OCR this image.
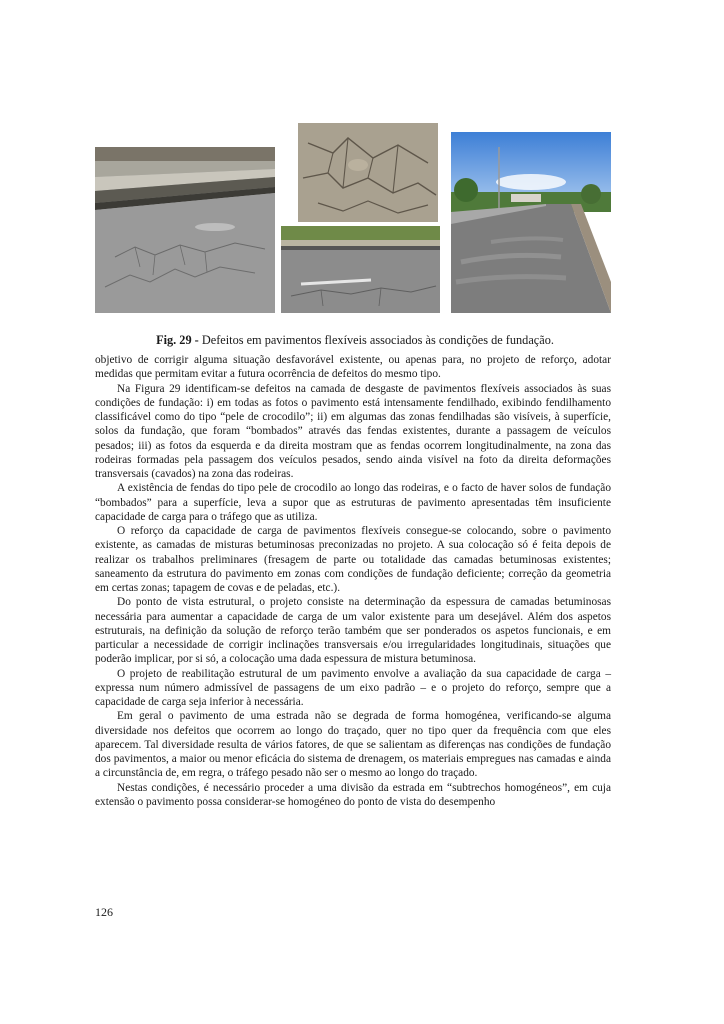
Fig. 29 - Defeitos em pavimentos flexíveis associados às condições de fundação.

objetivo de corrigir alguma situação desfavorável existente, ou apenas para, no projeto de reforço, adotar medidas que permitam evitar a futura ocorrência de defeitos do mesmo tipo.

Na Figura 29 identificam-se defeitos na camada de desgaste de pavimentos flexíveis associados às suas condições de fundação: i) em todas as fotos o pavimento está intensamente fendilhado, exibindo fendilhamento classificável como do tipo “pele de crocodilo”; ii) em algumas das zonas fendilhadas são visíveis, à superfície, solos da fundação, que foram “bombados” através das fendas existentes, durante a passagem de veículos pesados; iii) as fotos da esquerda e da direita mostram que as fendas ocorrem longitudinalmente, na zona das rodeiras formadas pela passagem dos veículos pesados, sendo ainda visível na foto da direita deformações transversais (cavados) na zona das rodeiras.

A existência de fendas do tipo pele de crocodilo ao longo das rodeiras, e o facto de haver solos de fundação “bombados” para a superfície, leva a supor que as estruturas de pavimento apresentadas têm insuficiente capacidade de carga para o tráfego que as utiliza.

O reforço da capacidade de carga de pavimentos flexíveis consegue-se colocando, sobre o pavimento existente, as camadas de misturas betuminosas preconizadas no projeto. A sua colocação só é feita depois de realizar os trabalhos preliminares (fresagem de parte ou totalidade das camadas betuminosas existentes; saneamento da estrutura do pavimento em zonas com condições de fundação deficiente; correção da geometria em certas zonas; tapagem de covas e de peladas, etc.).

Do ponto de vista estrutural, o projeto consiste na determinação da espessura de camadas betuminosas necessária para aumentar a capacidade de carga de um valor existente para um desejável. Além dos aspetos estruturais, na definição da solução de reforço terão também que ser ponderados os aspetos funcionais, e em particular a necessidade de corrigir inclinações transversais e/ou irregularidades longitudinais, situações que poderão implicar, por si só, a colocação uma dada espessura de mistura betuminosa.

O projeto de reabilitação estrutural de um pavimento envolve a avaliação da sua capacidade de carga – expressa num número admissível de passagens de um eixo padrão – e o projeto do reforço, sempre que a capacidade de carga seja inferior à necessária.

Em geral o pavimento de uma estrada não se degrada de forma homogénea, verificando-se alguma diversidade nos defeitos que ocorrem ao longo do traçado, quer no tipo quer da frequência com que eles aparecem. Tal diversidade resulta de vários fatores, de que se salientam as diferenças nas condições de fundação dos pavimentos, a maior ou menor eficácia do sistema de drenagem, os materiais empregues nas camadas e ainda a circunstância de, em regra, o tráfego pesado não ser o mesmo ao longo do traçado.

Nestas condições, é necessário proceder a uma divisão da estrada em “subtrechos homogéneos”, em cuja extensão o pavimento possa considerar-se homogéneo do ponto de vista do desempenho

126
